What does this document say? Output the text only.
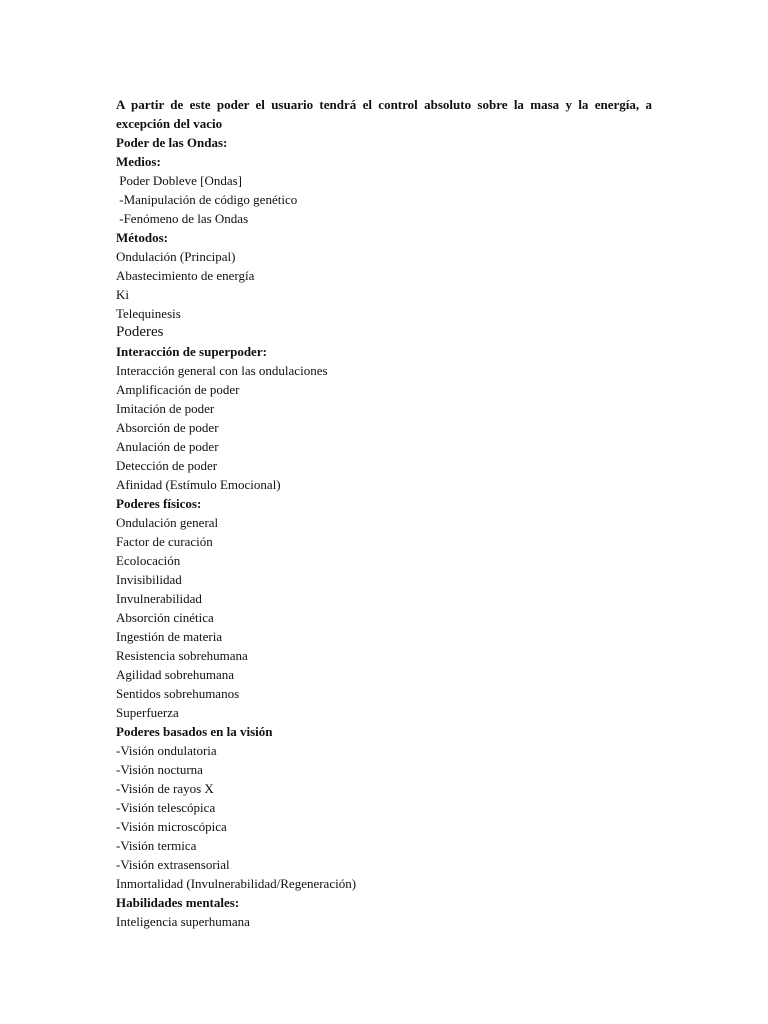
A partir de este poder el usuario tendrá el control absoluto sobre la masa y la energía, a excepción del vacio
Poder de las Ondas:
Medios:
Poder Dobleve [Ondas]
-Manipulación de código genético
-Fenómeno de las Ondas
Métodos:
Ondulación (Principal)
Abastecimiento de energía
Ki
Telequinesis
Poderes
Interacción de superpoder:
Interacción general con las ondulaciones
Amplificación de poder
Imitación de poder
Absorción de poder
Anulación de poder
Detección de poder
Afinidad (Estímulo Emocional)
Poderes físicos:
Ondulación general
Factor de curación
Ecolocación
Invisibilidad
Invulnerabilidad
Absorción cinética
Ingestión de materia
Resistencia sobrehumana
Agilidad sobrehumana
Sentidos sobrehumanos
Superfuerza
Poderes basados en la visión
-Visión ondulatoria
-Visión nocturna
-Visión de rayos X
-Visión telescópica
-Visión microscópica
-Visión termica
-Visión extrasensorial
Inmortalidad (Invulnerabilidad/Regeneración)
Habilidades mentales:
Inteligencia superhumana
